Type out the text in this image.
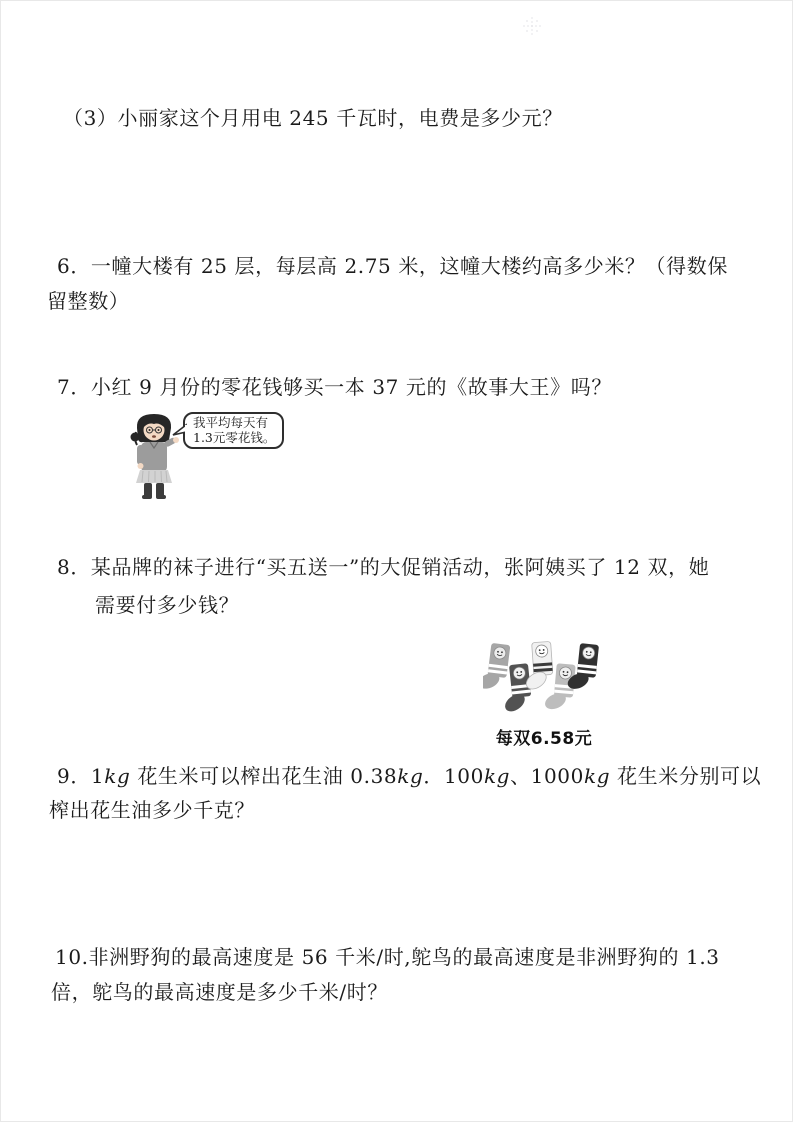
（3）小丽家这个月用电 245 千瓦时，电费是多少元？
6．一幢大楼有 25 层，每层高 2.75 米，这幢大楼约高多少米？（得数保
留整数）
7．小红 9 月份的零花钱够买一本 37 元的《故事大王》吗？
我平均每天有
1.3元零花钱。
8．某品牌的袜子进行“买五送一”的大促销活动，张阿姨买了 12 双，她
需要付多少钱？
每双6.58元
9．1kg 花生米可以榨出花生油 0.38kg．100kg、1000kg 花生米分别可以
榨出花生油多少千克？
10.非洲野狗的最高速度是 56 千米/时,鸵鸟的最高速度是非洲野狗的 1.3
倍，鸵鸟的最高速度是多少千米/时？
